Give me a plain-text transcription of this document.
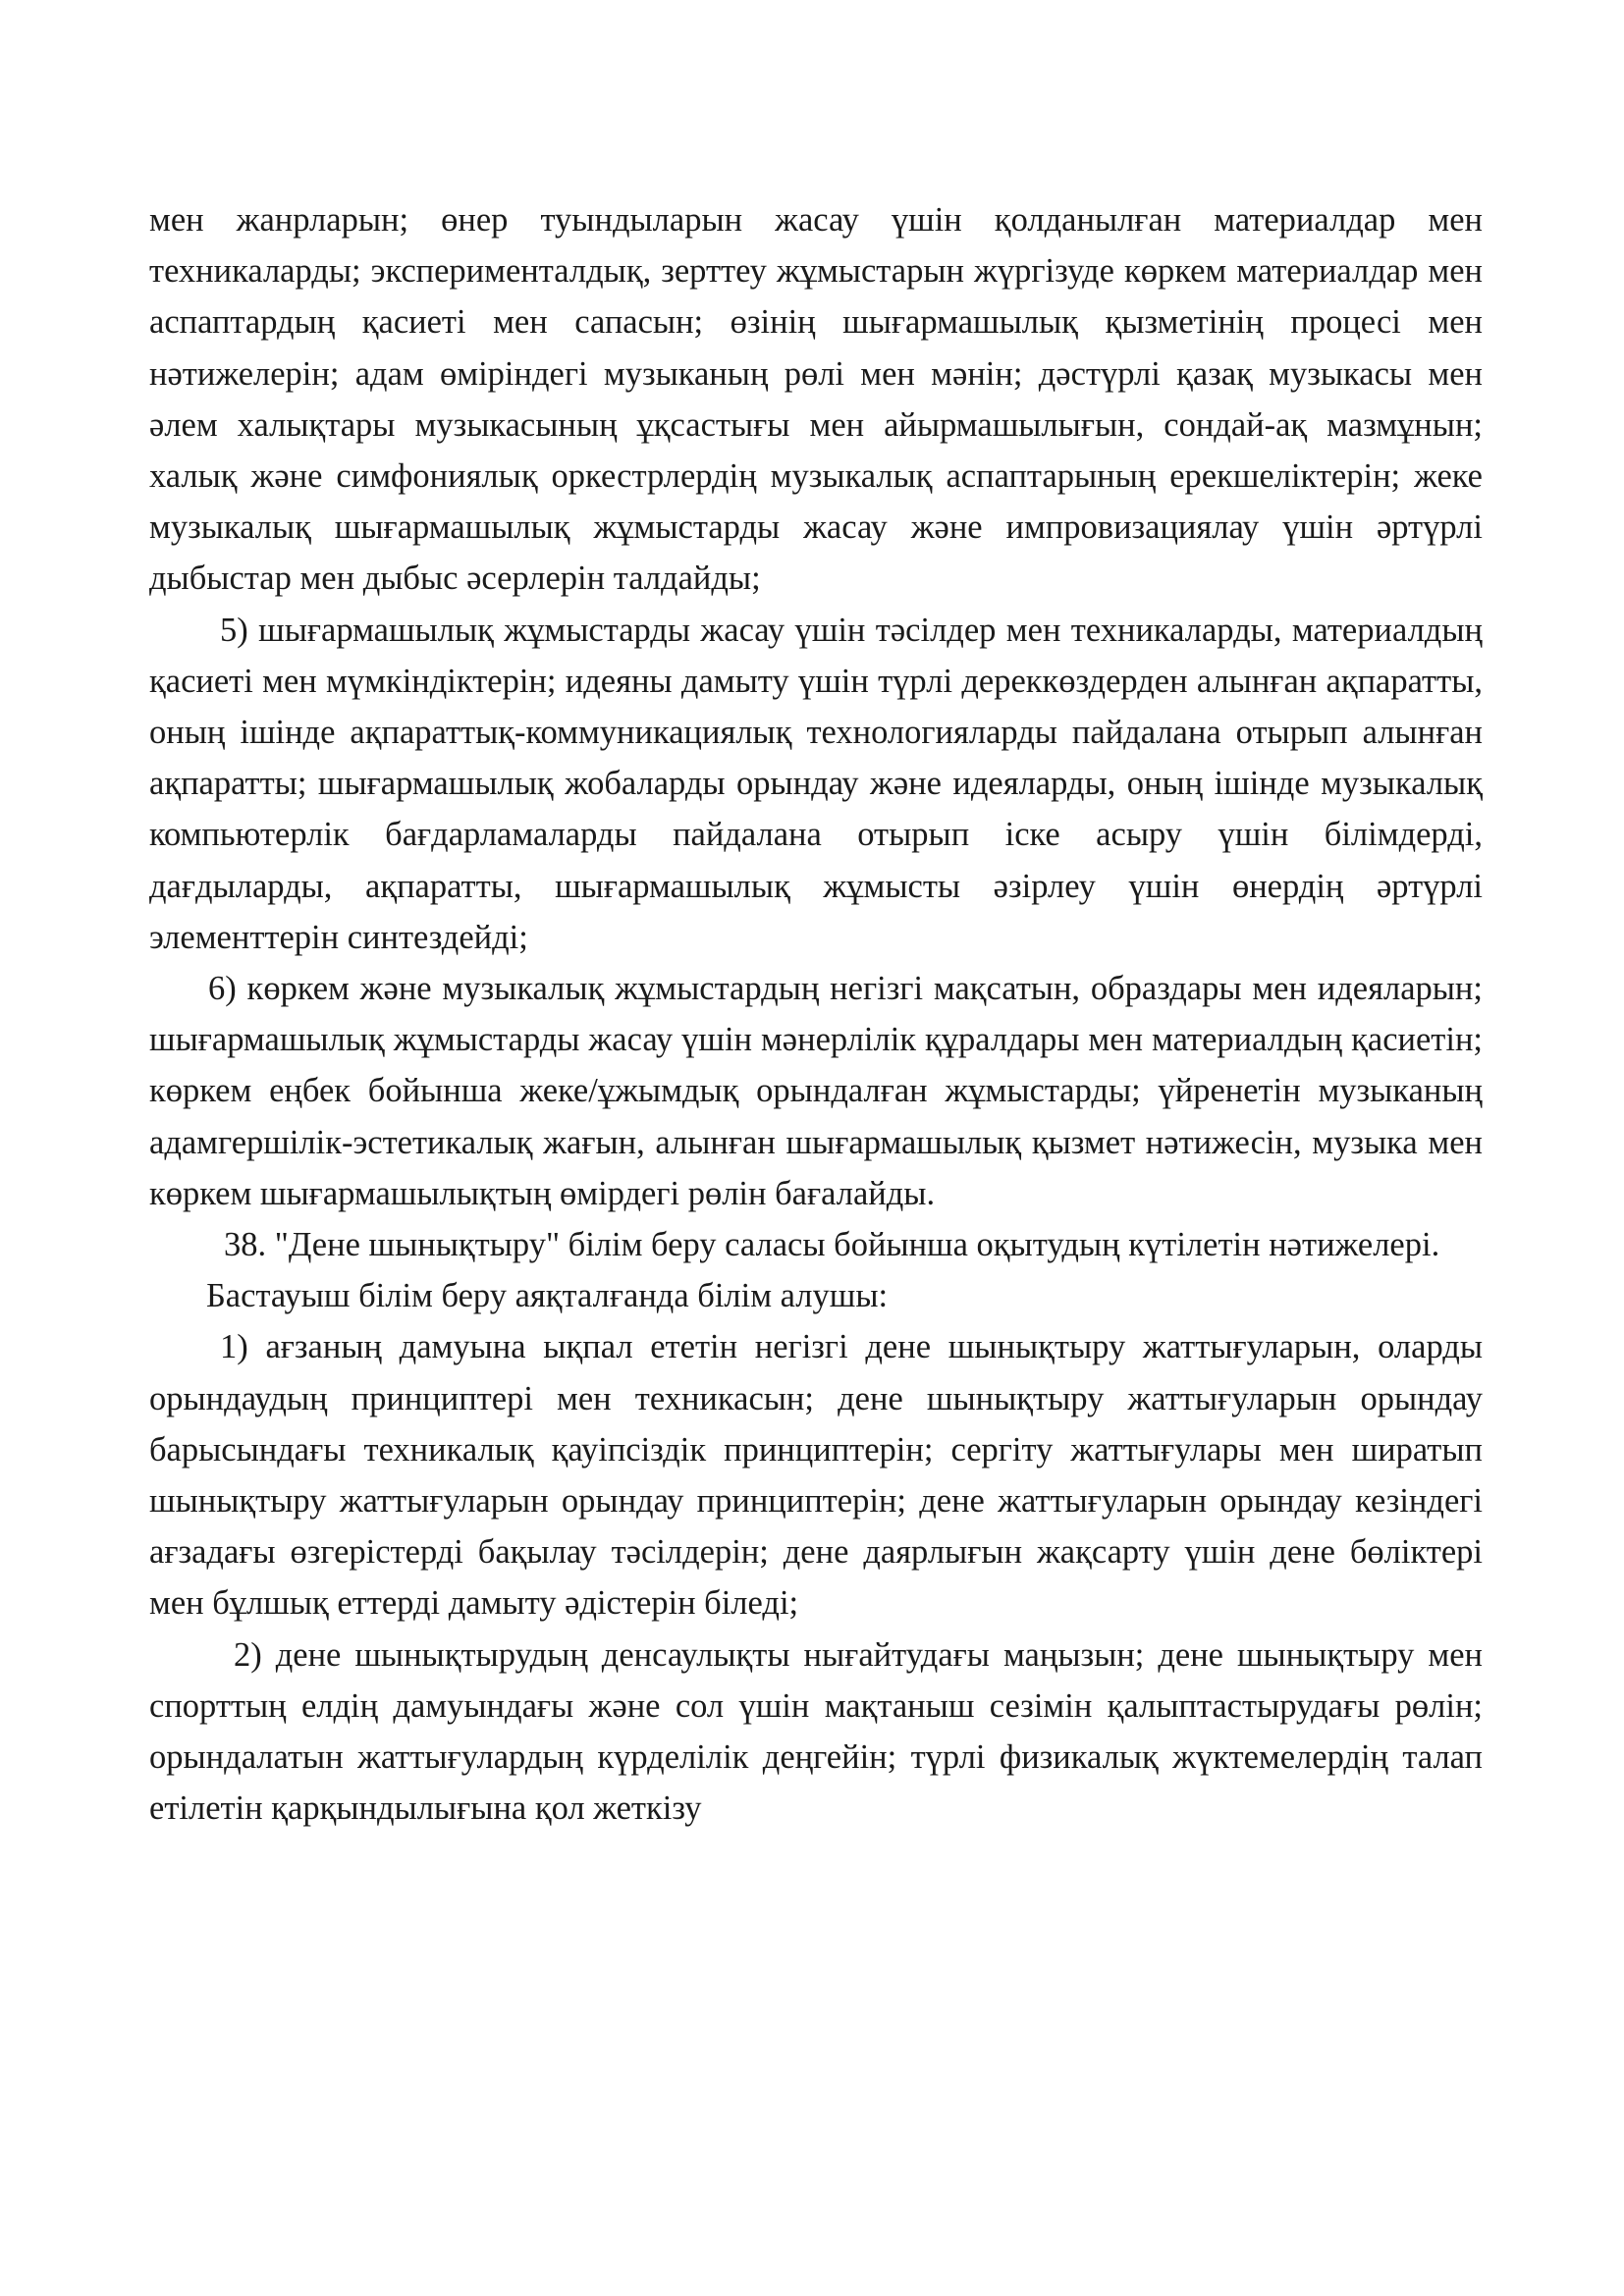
мен жанрларын; өнер туындыларын жасау үшін қолданылған материалдар мен техникаларды; эксперименталдық, зерттеу жұмыстарын жүргізуде көркем материалдар мен аспаптардың қасиеті мен сапасын; өзінің шығармашылық қызметінің процесі мен нәтижелерін; адам өміріндегі музыканың рөлі мен мәнін; дәстүрлі қазақ музыкасы мен әлем халықтары музыкасының ұқсастығы мен айырмашылығын, сондай-ақ мазмұнын; халық және симфониялық оркестрлердің музыкалық аспаптарының ерекшеліктерін; жеке музыкалық шығармашылық жұмыстарды жасау және импровизациялау үшін әртүрлі дыбыстар мен дыбыс әсерлерін талдайды;

5) шығармашылық жұмыстарды жасау үшін тәсілдер мен техникаларды, материалдың қасиеті мен мүмкіндіктерін; идеяны дамыту үшін түрлі дереккөздерден алынған ақпаратты, оның ішінде ақпараттық-коммуникациялық технологияларды пайдалана отырып алынған ақпаратты; шығармашылық жобаларды орындау және идеяларды, оның ішінде музыкалық компьютерлік бағдарламаларды пайдалана отырып іске асыру үшін білімдерді, дағдыларды, ақпаратты, шығармашылық жұмысты әзірлеу үшін өнердің әртүрлі элементтерін синтездейді;

6) көркем және музыкалық жұмыстардың негізгі мақсатын, образдары мен идеяларын; шығармашылық жұмыстарды жасау үшін мәнерлілік құралдары мен материалдың қасиетін; көркем еңбек бойынша жеке/ұжымдық орындалған жұмыстарды; үйренетін музыканың адамгершілік-эстетикалық жағын, алынған шығармашылық қызмет нәтижесін, музыка мен көркем шығармашылықтың өмірдегі рөлін бағалайды.

38. "Дене шынықтыру" білім беру саласы бойынша оқытудың күтілетін нәтижелері.

Бастауыш білім беру аяқталғанда білім алушы:

1) ағзаның дамуына ықпал ететін негізгі дене шынықтыру жаттығуларын, оларды орындаудың принциптері мен техникасын; дене шынықтыру жаттығуларын орындау барысындағы техникалық қауіпсіздік принциптерін; сергіту жаттығулары мен ширатып шынықтыру жаттығуларын орындау принциптерін; дене жаттығуларын орындау кезіндегі ағзадағы өзгерістерді бақылау тәсілдерін; дене даярлығын жақсарту үшін дене бөліктері мен бұлшық еттерді дамыту әдістерін біледі;

2) дене шынықтырудың денсаулықты нығайтудағы маңызын; дене шынықтыру мен спорттың елдің дамуындағы және сол үшін мақтаныш сезімін қалыптастырудағы рөлін; орындалатын жаттығулардың күрделілік деңгейін; түрлі физикалық жүктемелердің талап етілетін қарқындылығына қол жеткізу
